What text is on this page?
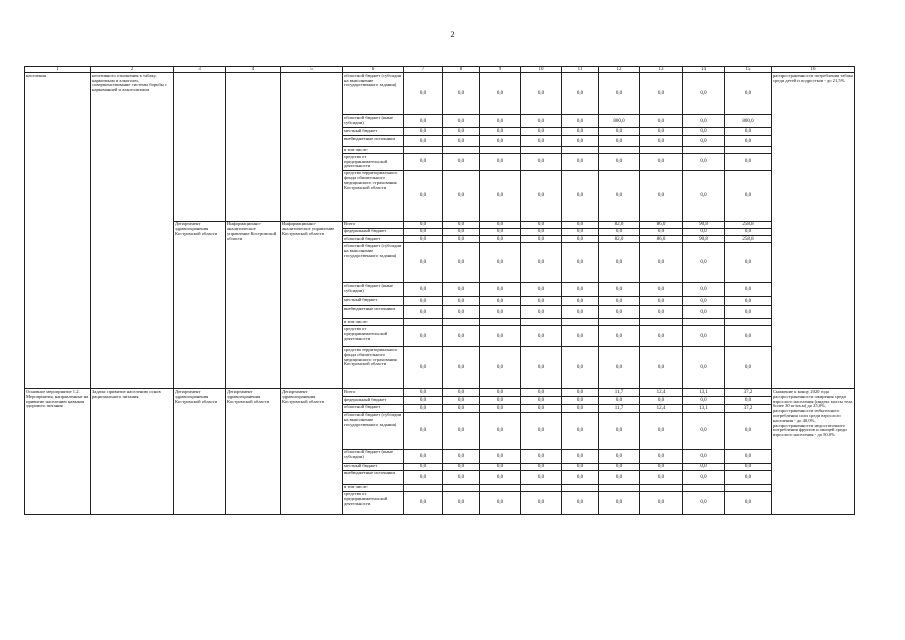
2
1	2	3	4	5	6	7	8	9	10	11	12	13	14	15	16
населения	негативного отношения к табаку, наркотикам и алкоголю, совершенствование системы борьбы с наркоманией и алкоголизмом				областной бюджет (субсидии на выполнение государственного задания)	0,0	0,0	0,0	0,0	0,0	0,0	0,0	0,0	0,0	распространенности потребления табака среди детей и подростков - до 21,5%
					областной бюджет (иные субсидии)	0,0	0,0	0,0	0,0	0,0	800,0	0,0	0,0	800,0	
					местный бюджет	0,0	0,0	0,0	0,0	0,0	0,0	0,0	0,0	0,0	
					внебюджетные источники	0,0	0,0	0,0	0,0	0,0	0,0	0,0	0,0	0,0	
					в том числе:										
					средства от предпринимательской деятельности	0,0	0,0	0,0	0,0	0,0	0,0	0,0	0,0	0,0	
					средства территориального фонда обязательного медицинского страхования Костромской области	0,0	0,0	0,0	0,0	0,0	0,0	0,0	0,0	0,0	
		Департамент здравоохранения Костромской области	Информационно-аналитическое управление Костромской области	Информационно-аналитическое управление Костромской области	Всего	0,0	0,0	0,0	0,0	0,0	82,0	86,0	90,8	258,8	
					федеральный бюджет	0,0	0,0	0,0	0,0	0,0	0,0	0,0	0,0	0,0	
					областной бюджет	0,0	0,0	0,0	0,0	0,0	82,0	86,0	90,8	258,8	
					областной бюджет (субсидии на выполнение государственного задания)	0,0	0,0	0,0	0,0	0,0	0,0	0,0	0,0	0,0	
					областной бюджет (иные субсидии)	0,0	0,0	0,0	0,0	0,0	0,0	0,0	0,0	0,0	
					местный бюджет	0,0	0,0	0,0	0,0	0,0	0,0	0,0	0,0	0,0	
					внебюджетные источники	0,0	0,0	0,0	0,0	0,0	0,0	0,0	0,0	0,0	
					в том числе:										
					средства от предпринимательской деятельности	0,0	0,0	0,0	0,0	0,0	0,0	0,0	0,0	0,0	
					средства территориального фонда обязательного медицинского страхования Костромской области	0,0	0,0	0,0	0,0	0,0	0,0	0,0	0,0	0,0	
Основное мероприятие 1.2. Мероприятия, направленные на привитие населению навыков здорового питания	Задача: привитие населению основ рационального питания	Департамент здравоохранения Костромской области	Департамент здравоохранения Костромской области	Департамент здравоохранения Костромской области	Всего	0,0	0,0	0,0	0,0	0,0	11,7	12,4	13,1	37,2	Снижение к концу 2020 года распространенности ожирения среди взрослого населения (индекс массы тела более 30 кг/кв.м) до 25,0%, распространенности избыточного потребления соли среди взрослого населения - до 40,0%, распространенности недостаточного потребления фруктов и овощей среди взрослого населения - до 50,0%
					федеральный бюджет	0,0	0,0	0,0	0,0	0,0	0,0	0,0	0,0	0,0	
					областной бюджет	0,0	0,0	0,0	0,0	0,0	11,7	12,4	13,1	37,2	
					областной бюджет (субсидии на выполнение государственного задания)	0,0	0,0	0,0	0,0	0,0	0,0	0,0	0,0	0,0	
					областной бюджет (иные субсидии)	0,0	0,0	0,0	0,0	0,0	0,0	0,0	0,0	0,0	
					местный бюджет	0,0	0,0	0,0	0,0	0,0	0,0	0,0	0,0	0,0	
					внебюджетные источники	0,0	0,0	0,0	0,0	0,0	0,0	0,0	0,0	0,0	
					в том числе:										
					средства от предпринимательской деятельности	0,0	0,0	0,0	0,0	0,0	0,0	0,0	0,0	0,0	
